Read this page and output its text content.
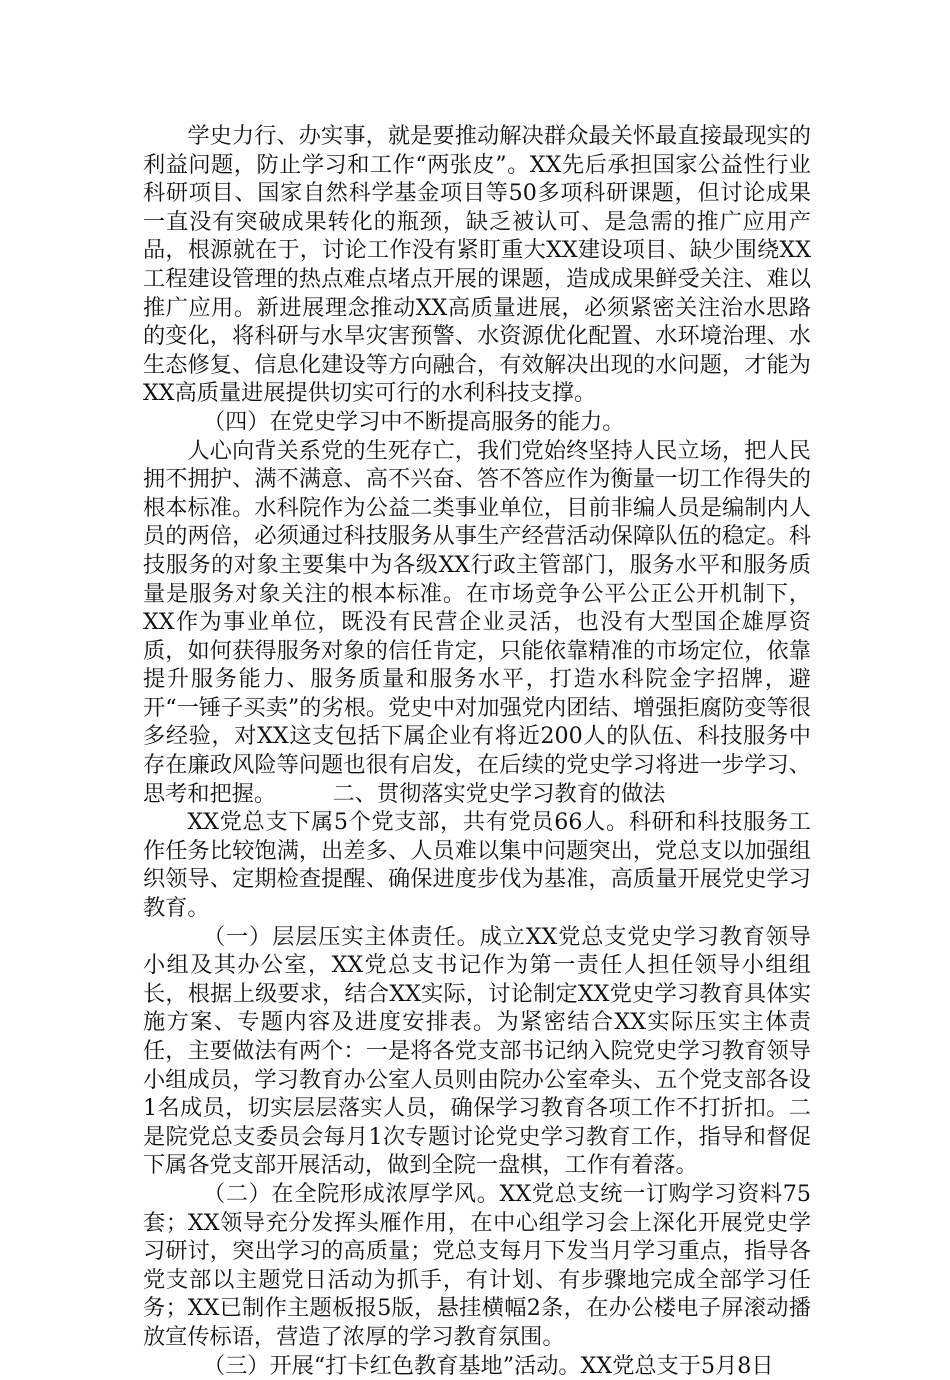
学史力行、办实事，就是要推动解决群众最关怀最直接最现实的利益问题，防止学习和工作“两张皮”。XX先后承担国家公益性行业科研项目、国家自然科学基金项目等50多项科研课题，但讨论成果一直没有突破成果转化的瓶颈，缺乏被认可、是急需的推广应用产品，根源就在于，讨论工作没有紧盯重大XX建设项目、缺少围绕XX工程建设管理的热点难点堵点开展的课题，造成成果鲜受关注、难以推广应用。新进展理念推动XX高质量进展，必须紧密关注治水思路的变化，将科研与水旱灾害预警、水资源优化配置、水环境治理、水生态修复、信息化建设等方向融合，有效解决出现的水问题，才能为XX高质量进展提供切实可行的水利科技支撑。

（四）在党史学习中不断提高服务的能力。

人心向背关系党的生死存亡，我们党始终坚持人民立场，把人民拥不拥护、满不满意、高不兴奋、答不答应作为衡量一切工作得失的根本标准。水科院作为公益二类事业单位，目前非编人员是编制内人员的两倍，必须通过科技服务从事生产经营活动保障队伍的稳定。科技服务的对象主要集中为各级XX行政主管部门，服务水平和服务质量是服务对象关注的根本标准。在市场竞争公平公正公开机制下，XX作为事业单位，既没有民营企业灵活，也没有大型国企雄厚资质，如何获得服务对象的信任肯定，只能依靠精准的市场定位，依靠提升服务能力、服务质量和服务水平，打造水科院金字招牌，避开“一锤子买卖”的劣根。党史中对加强党内团结、增强拒腐防变等很多经验，对XX这支包括下属企业有将近200人的队伍、科技服务中存在廉政风险等问题也很有启发，在后续的党史学习将进一步学习、思考和把握。	二、贯彻落实党史学习教育的做法

XX党总支下属5个党支部，共有党员66人。科研和科技服务工作任务比较饱满，出差多、人员难以集中问题突出，党总支以加强组织领导、定期检查提醒、确保进度步伐为基准，高质量开展党史学习教育。

（一）层层压实主体责任。成立XX党总支党史学习教育领导小组及其办公室，XX党总支书记作为第一责任人担任领导小组组长，根据上级要求，结合XX实际，讨论制定XX党史学习教育具体实施方案、专题内容及进度安排表。为紧密结合XX实际压实主体责任，主要做法有两个：一是将各党支部书记纳入院党史学习教育领导小组成员，学习教育办公室人员则由院办公室牵头、五个党支部各设1名成员，切实层层落实人员，确保学习教育各项工作不打折扣。二是院党总支委员会每月1次专题讨论党史学习教育工作，指导和督促下属各党支部开展活动，做到全院一盘棋，工作有着落。

（二）在全院形成浓厚学风。XX党总支统一订购学习资料75套；XX领导充分发挥头雁作用，在中心组学习会上深化开展党史学习研讨，突出学习的高质量；党总支每月下发当月学习重点，指导各党支部以主题党日活动为抓手，有计划、有步骤地完成全部学习任务；XX已制作主题板报5版，悬挂横幅2条，在办公楼电子屏滚动播放宣传标语，营造了浓厚的学习教育氛围。

（三）开展“打卡红色教育基地”活动。XX党总支于5月8日
